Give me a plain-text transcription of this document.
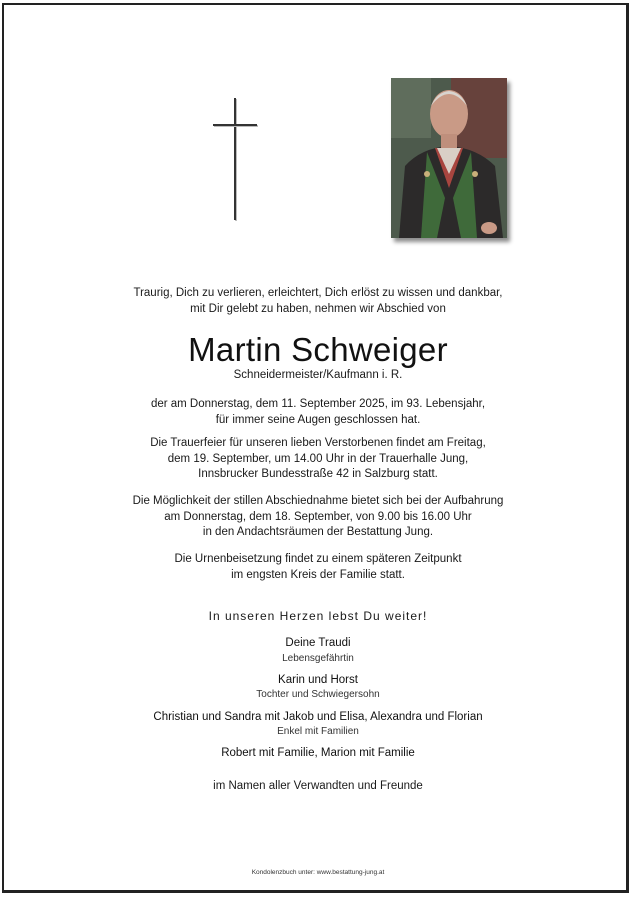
Traurig, Dich zu verlieren, erleichtert, Dich erlöst zu wissen und dankbar,
mit Dir gelebt zu haben, nehmen wir Abschied von
Martin Schweiger
Schneidermeister/Kaufmann i. R.
der am Donnerstag, dem 11. September 2025, im 93. Lebensjahr,
für immer seine Augen geschlossen hat.
Die Trauerfeier für unseren lieben Verstorbenen findet am Freitag,
dem 19. September, um 14.00 Uhr in der Trauerhalle Jung,
Innsbrucker Bundesstraße 42 in Salzburg statt.
Die Möglichkeit der stillen Abschiednahme bietet sich bei der Aufbahrung
am Donnerstag, dem 18. September, von 9.00 bis 16.00 Uhr
in den Andachtsräumen der Bestattung Jung.
Die Urnenbeisetzung findet zu einem späteren Zeitpunkt
im engsten Kreis der Familie statt.
In unseren Herzen lebst Du weiter!
Deine Traudi
Lebensgefährtin
Karin und Horst
Tochter und Schwiegersohn
Christian und Sandra mit Jakob und Elisa, Alexandra und Florian
Enkel mit Familien
Robert mit Familie, Marion mit Familie
im Namen aller Verwandten und Freunde
Kondolenzbuch unter: www.bestattung-jung.at
